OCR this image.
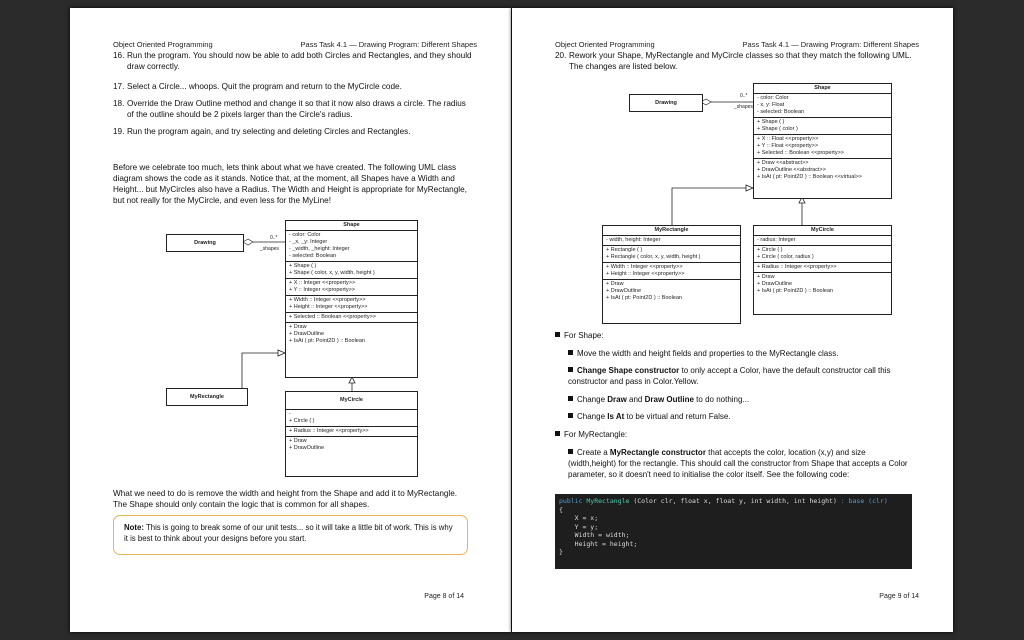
Object Oriented Programming	Pass Task 4.1 — Drawing Program: Different Shapes
16. Run the program. You should now be able to add both Circles and Rectangles, and they should draw correctly.
17. Select a Circle... whoops. Quit the program and return to the MyCircle code.
18. Override the Draw Outline method and change it so that it now also draws a circle. The radius of the outline should be 2 pixels larger than the Circle's radius.
19. Run the program again, and try selecting and deleting Circles and Rectangles.
Before we celebrate too much, lets think about what we have created. The following UML class diagram shows the code as it stands. Notice that, at the moment, all Shapes have a Width and Height... but MyCircles also have a Radius. The Width and Height is appropriate for MyRectangle, but not really for the MyCircle, and even less for the MyLine!
Drawing
0..*
_shapes
Shape

- color: Color

- _x, _y: Integer

- _width, _height: Integer

- selected: Boolean

+ Shape ( )

+ Shape ( color, x, y, width, height )

+ X :: Integer <<property>>

+ Y :: Integer <<property>>

+ Width :: Integer <<property>>

+ Height :: Integer <<property>>

+ Selected :: Boolean <<property>>

+ Draw

+ DrawOutline

+ IsAt ( pt: Point2D ) :: Boolean

MyRectangle	MyCircle

-

+ Circle ( )

+ Radius :: Integer <<property>>

+ Draw

+ DrawOutline

What we need to do is remove the width and height from the Shape and add it to MyRectangle. The Shape should only contain the logic that is common for all shapes.
Note: This is going to break some of our unit tests... so it will take a little bit of work. This is why it is best to think about your designs before you start.
Page 8 of 14
Object Oriented Programming	Pass Task 4.1 — Drawing Program: Different Shapes
20. Rework your Shape, MyRectangle and MyCircle classes so that they match the following UML. The changes are listed below.
Drawing
0..*
_shapes
Shape

- color: Color

- x, y: Float

- selected: Boolean

+ Shape ( )

+ Shape ( color )

+ X :: Float <<property>>

+ Y :: Float <<property>>

+ Selected :: Boolean <<property>>

+ Draw <<abstract>>

+ DrawOutline <<abstract>>

+ IsAt ( pt: Point2D ) :: Boolean <<virtual>>

MyRectangle

- width, height: Integer

+ Rectangle ( )

+ Rectangle ( color, x, y, width, height )

+ Width :: Integer <<property>>

+ Height :: Integer <<property>>

+ Draw

+ DrawOutline

+ IsAt ( pt: Point2D ) :: Boolean

MyCircle

- radius: Integer

+ Circle ( )

+ Circle ( color, radius )

+ Radius :: Integer <<property>>

+ Draw

+ DrawOutline

+ IsAt ( pt: Point2D ) :: Boolean

For Shape:
Move the width and height fields and properties to the MyRectangle class.
Change Shape constructor to only accept a Color, have the default constructor call this constructor and pass in Color.Yellow.
Change Draw and Draw Outline to do nothing...
Change Is At to be virtual and return False.
For MyRectangle:
Create a MyRectangle constructor that accepts the color, location (x,y) and size (width,height) for the rectangle. This should call the constructor from Shape that accepts a Color parameter, so it doesn't need to initialise the color itself. See the following code:

public MyRectangle (Color clr, float x, float y, int width, int height) : base (clr)

{

X = x;

Y = y;

Width = width;

Height = height;

}

Page 9 of 14
